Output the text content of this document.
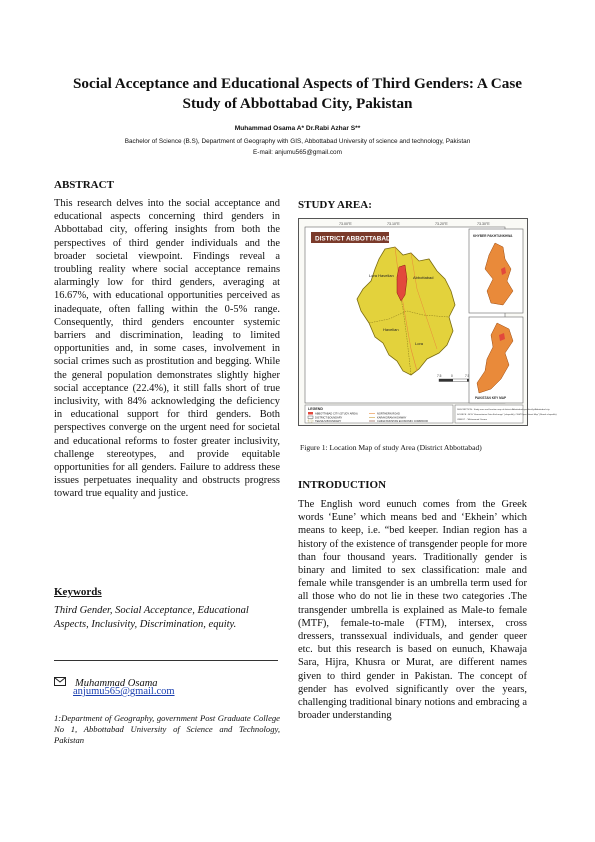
Social Acceptance and Educational Aspects of Third Genders: A Case Study of Abbottabad City, Pakistan
Muhammad Osama A* Dr.Rabi Azhar S**
Bachelor of Science (B.S), Department of Geography with GIS, Abbottabad University of science and technology, Pakistan
E-mail: anjumu565@gmail.com
ABSTRACT
This research delves into the social acceptance and educational aspects concerning third genders in Abbottabad city, offering insights from both the perspectives of third gender individuals and the broader societal viewpoint. Findings reveal a troubling reality where social acceptance remains alarmingly low for third genders, averaging at 16.67%, with educational opportunities perceived as inadequate, often falling within the 0-5% range. Consequently, third genders encounter systemic barriers and discrimination, leading to limited opportunities and, in some cases, involvement in social crimes such as prostitution and begging. While the general population demonstrates slightly higher social acceptance (22.4%), it still falls short of true inclusivity, with 84% acknowledging the deficiency in educational support for third genders. Both perspectives converge on the urgent need for societal and educational reforms to foster greater inclusivity, challenge stereotypes, and provide equitable opportunities for all genders. Failure to address these issues perpetuates inequality and obstructs progress toward true equality and justice.
Keywords
Third Gender, Social Acceptance, Educational Aspects, Inclusivity, Discrimination, equity.
Muhammad Osama
anjumu565@gmail.com
1:Department of Geography, government Post Graduate College No 1, Abbottabad University of Science and Technology, Pakistan
STUDY AREA:
73.00°E	73.10°E	73.20°E	73.30°E
DISTRICT ABBOTTABAD
Lora Havelian	Abbottabad
Havelian
Lora
7.5	0	7.5
KHYBER PAKHTUNKHWA
PAKISTAN KEY MAP
LEGEND
ABBOTTABAD CITY (STUDY AREA)
DISTRICT BOUNDARY
TEHSILS BOUNDARY
NORTHERN ROAD
KARAKORAM HIGHWAY
CHINA PAKISTAN ECONOMIC CORRIDOR
DESCRIPTION : Study area and location map of district Abbottabad specifically Abbottabad city.
SOURCE : BOS "Humanitarian Data Exchange" (shapefile), OSM"Open Street Map" (Roads shapefile).
CREDIT : "Muhammad Osama
Figure 1: Location Map of study Area (District Abbottabad)
INTRODUCTION
The English word eunuch comes from the Greek words ‘Eune’ which means bed and ‘Ekhein’ which means to keep, i.e. “bed keeper. Indian region has a history of the existence of transgender people for more than four thousand years. Traditionally gender is binary and limited to sex classification: male and female while transgender is an umbrella term used for all those who do not lie in these two categories .The transgender umbrella is explained as Male-to female (MTF), female-to-male (FTM), intersex, cross dressers, transsexual individuals, and gender queer etc. but this research is based on eunuch, Khawaja Sara, Hijra, Khusra or Murat, are different names given to third gender in Pakistan. The concept of gender has evolved significantly over the years, challenging traditional binary notions and embracing a broader understanding
